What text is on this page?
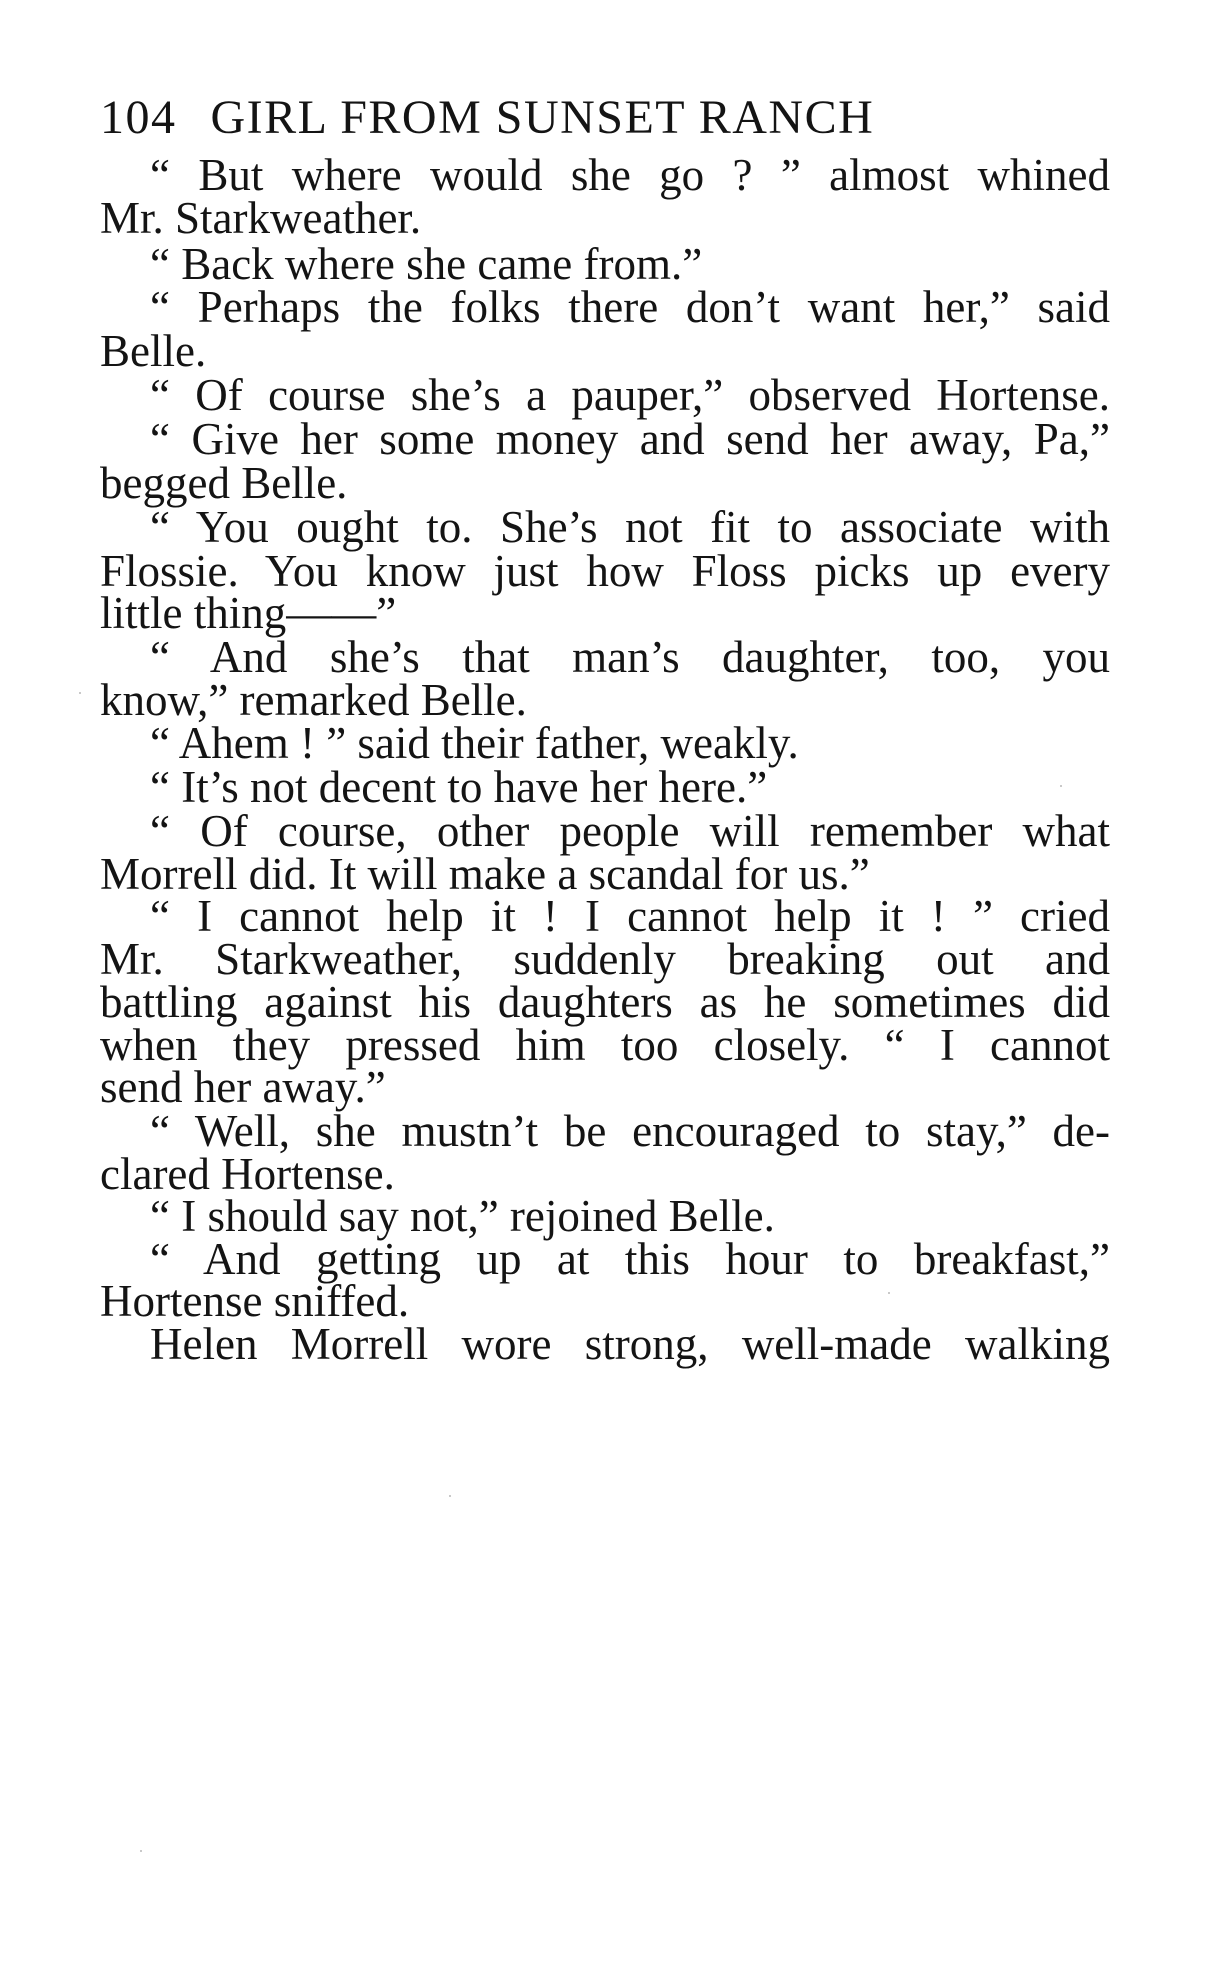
104 GIRL FROM SUNSET RANCH
“ But where would she go ? ” almost whined
Mr. Starkweather.
“ Back where she came from.”
“ Perhaps the folks there don’t want her,” said
Belle.
“ Of course she’s a pauper,” observed Hortense.
“ Give her some money and send her away, Pa,”
begged Belle.
“ You ought to. She’s not fit to associate with
Flossie. You know just how Floss picks up every
little thing——”
“ And she’s that man’s daughter, too, you
know,” remarked Belle.
“ Ahem ! ” said their father, weakly.
“ It’s not decent to have her here.”
“ Of course, other people will remember what
Morrell did. It will make a scandal for us.”
“ I cannot help it ! I cannot help it ! ” cried
Mr. Starkweather, suddenly breaking out and
battling against his daughters as he sometimes did
when they pressed him too closely. “ I cannot
send her away.”
“ Well, she mustn’t be encouraged to stay,” de-
clared Hortense.
“ I should say not,” rejoined Belle.
“ And getting up at this hour to breakfast,”
Hortense sniffed.
Helen Morrell wore strong, well-made walking
